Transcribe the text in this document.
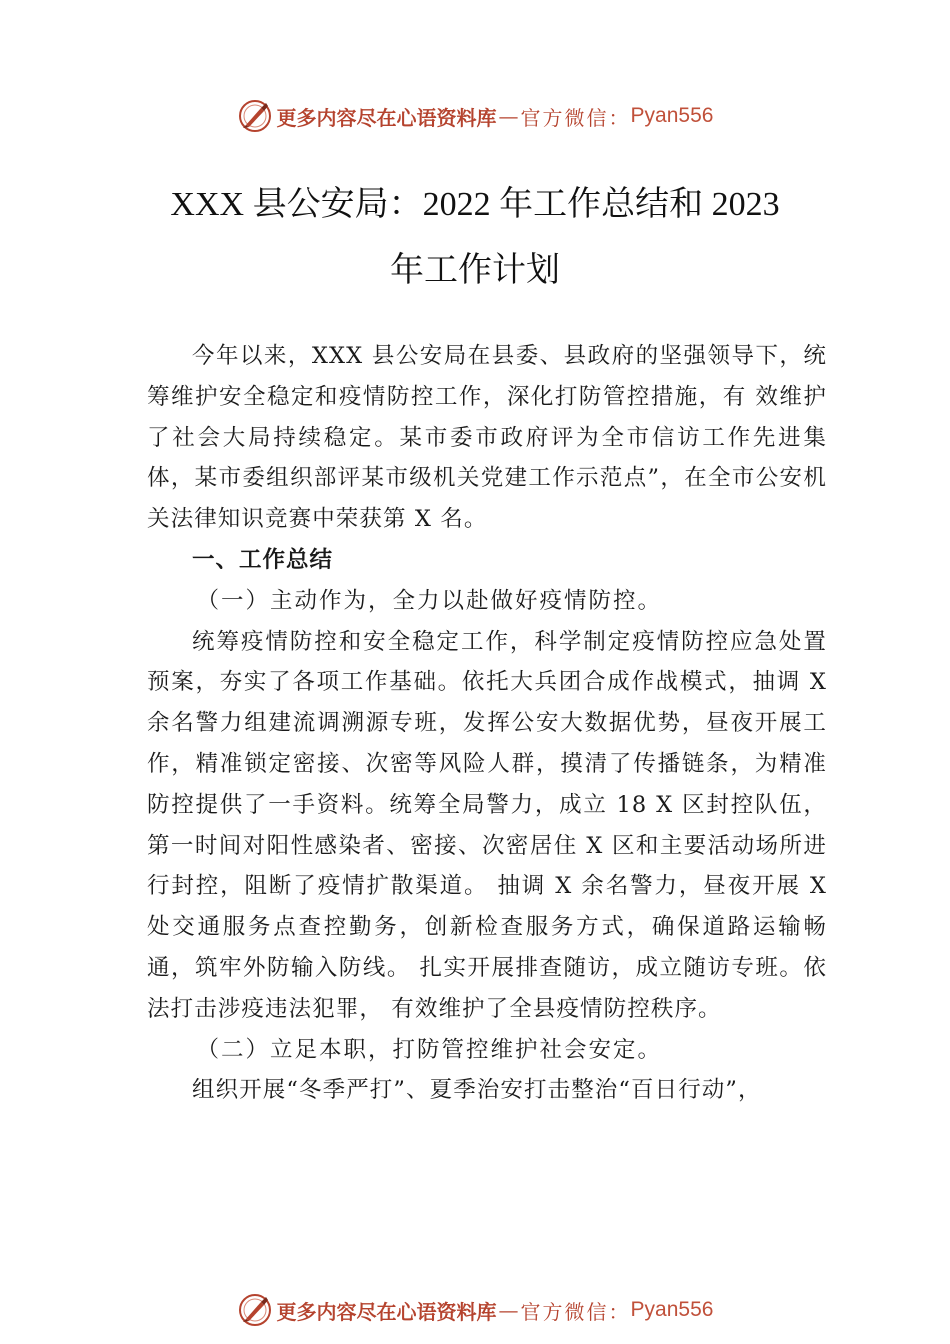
更多内容尽在心语资料库 — 官方微信： Pyan556
XXX 县公安局：2022 年工作总结和 2023
年工作计划

今年以来，XXX 县公安局在县委、县政府的坚强领导下，统筹维护安全稳定和疫情防控工作，深化打防管控措施，有 效维护了社会大局持续稳定。某市委市政府评为全市信访工作先进集体，某市委组织部评某市级机关党建工作示范点”，在全市公安机关法律知识竞赛中荣获第 X 名。

一、工作总结

（一）主动作为，全力以赴做好疫情防控。

统筹疫情防控和安全稳定工作，科学制定疫情防控应急处置预案，夯实了各项工作基础。依托大兵团合成作战模式，抽调 X 余名警力组建流调溯源专班，发挥公安大数据优势，昼夜开展工作，精准锁定密接、次密等风险人群，摸清了传播链条，为精准防控提供了一手资料。统筹全局警力，成立 18 X 区封控队伍，第一时间对阳性感染者、密接、次密居住 X 区和主要活动场所进行封控，阻断了疫情扩散渠道。 抽调 X 余名警力，昼夜开展 X 处交通服务点查控勤务，创新检查服务方式，确保道路运输畅通，筑牢外防输入防线。 扎实开展排查随访，成立随访专班。依法打击涉疫违法犯罪， 有效维护了全县疫情防控秩序。

（二）立足本职，打防管控维护社会安定。

组织开展“冬季严打”、夏季治安打击整治“百日行动”，

更多内容尽在心语资料库 — 官方微信： Pyan556
